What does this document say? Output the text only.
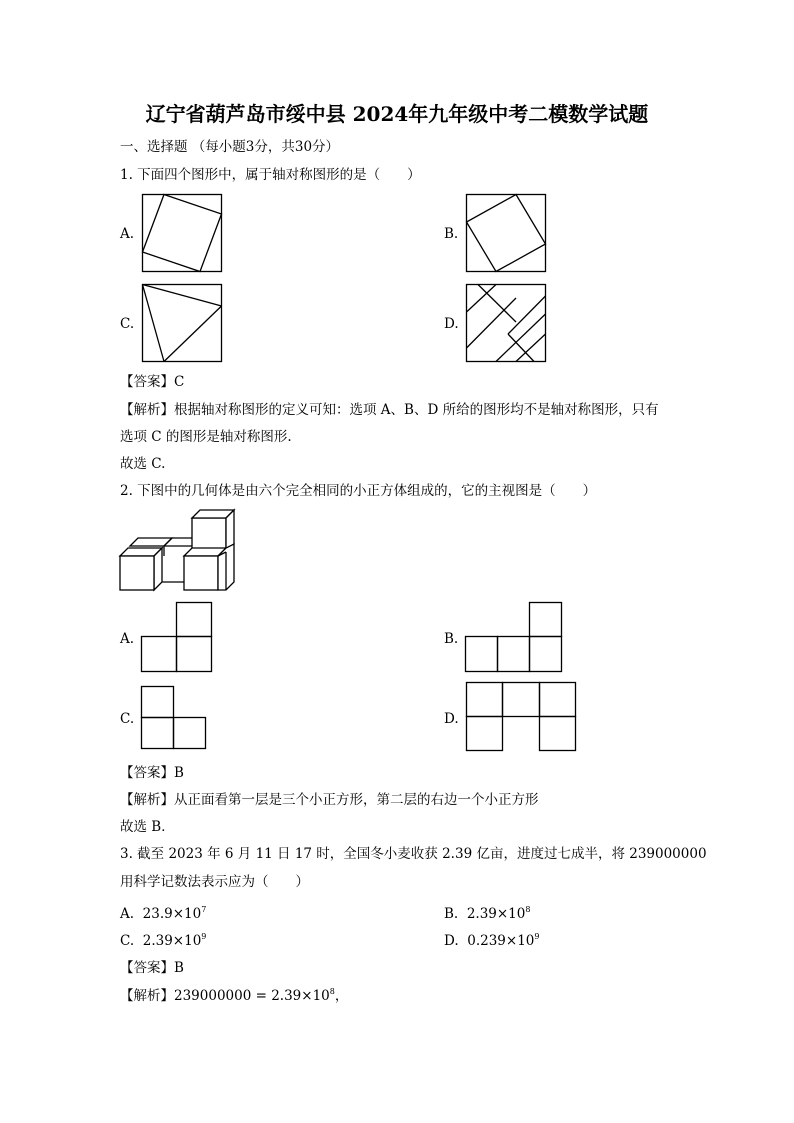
辽宁省葫芦岛市绥中县 2024年九年级中考二模数学试题
一、选择题 （每小题3分，共30分）
1. 下面四个图形中，属于轴对称图形的是（　　）
A.	B.
C.	D.
【答案】C
【解析】根据轴对称图形的定义可知：选项 A、B、D 所给的图形均不是轴对称图形，只有
选项 C 的图形是轴对称图形.
故选 C.
2. 下图中的几何体是由六个完全相同的小正方体组成的，它的主视图是（　　）
A.	B.
C.	D.
【答案】B
【解析】从正面看第一层是三个小正方形，第二层的右边一个小正方形
故选 B．
3. 截至 2023 年 6 月 11 日 17 时，全国冬小麦收获 2.39 亿亩，进度过七成半，将 239000000
用科学记数法表示应为（　　）
A. $23.9\times 10^7$	B. $2.39\times 10^8$
C. $2.39\times 10^9$	D. $0.239\times 10^9$
【答案】B
【解析】$239000000 = 2.39\times 10^8$，
